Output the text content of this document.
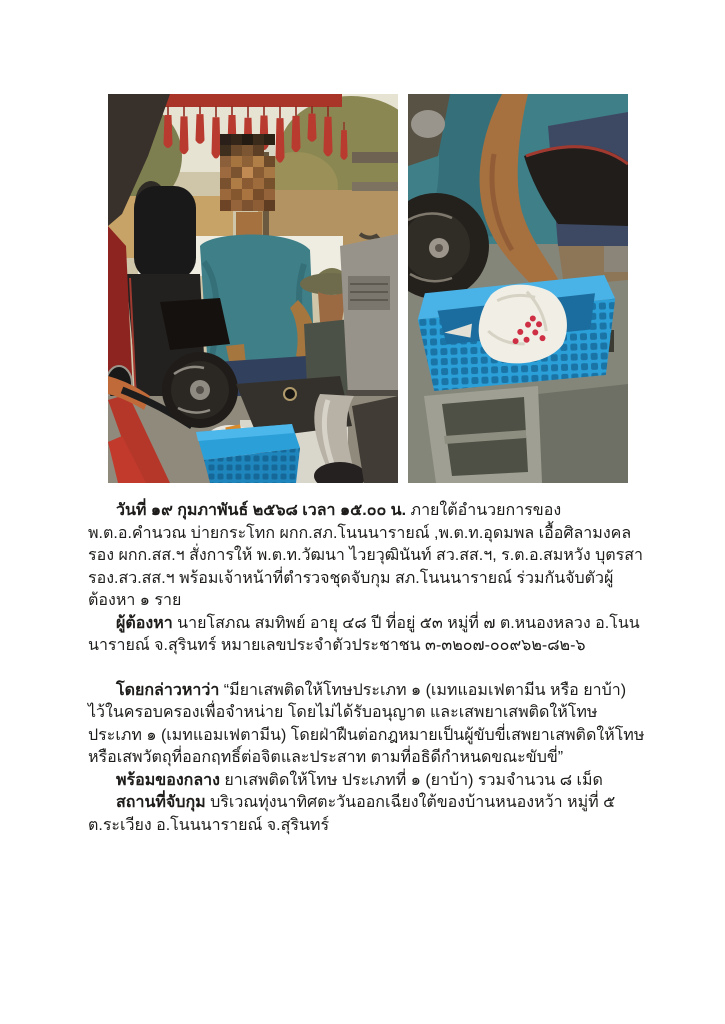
วันที่ ๑๙ กุมภาพันธ์ ๒๕๖๘ เวลา ๑๕.๐๐ น. ภายใต้อำนวยการของ พ.ต.อ.คำนวณ บ่ายกระโทก ผกก.สภ.โนนนารายณ์ ,พ.ต.ท.อุดมพล เอื้อศิลามงคล รอง ผกก.สส.ฯ สั่งการให้ พ.ต.ท.วัฒนา ไวยวุฒินันท์ สว.สส.ฯ, ร.ต.อ.สมหวัง บุตรสา รอง.สว.สส.ฯ พร้อมเจ้าหน้าที่ตำรวจชุดจับกุม สภ.โนนนารายณ์ ร่วมกันจับตัวผู้ต้องหา ๑ ราย

ผู้ต้องหา นายโสภณ สมทิพย์ อายุ ๔๘ ปี ที่อยู่ ๕๓ หมู่ที่ ๗ ต.หนองหลวง อ.โนนนารายณ์ จ.สุรินทร์ หมายเลขประจำตัวประชาชน ๓-๓๒๐๗-๐๐๙๖๒-๘๒-๖

โดยกล่าวหาว่า “มียาเสพติดให้โทษประเภท ๑ (เมทแอมเฟตามีน หรือ ยาบ้า) ไว้ในครอบครองเพื่อจำหน่าย โดยไม่ได้รับอนุญาต และเสพยาเสพติดให้โทษประเภท ๑ (เมทแอมเฟตามีน) โดยฝ่าฝืนต่อกฎหมายเป็นผู้ขับขี่เสพยาเสพติดให้โทษหรือเสพวัตถุที่ออกฤทธิ์ต่อจิตและประสาท ตามที่อธิดีกำหนดขณะขับขี่”

พร้อมของกลาง ยาเสพติดให้โทษ ประเภทที่ ๑ (ยาบ้า) รวมจำนวน ๘ เม็ด

สถานที่จับกุม บริเวณทุ่งนาทิศตะวันออกเฉียงใต้ของบ้านหนองหว้า หมู่ที่ ๕ ต.ระเวียง อ.โนนนารายณ์ จ.สุรินทร์
